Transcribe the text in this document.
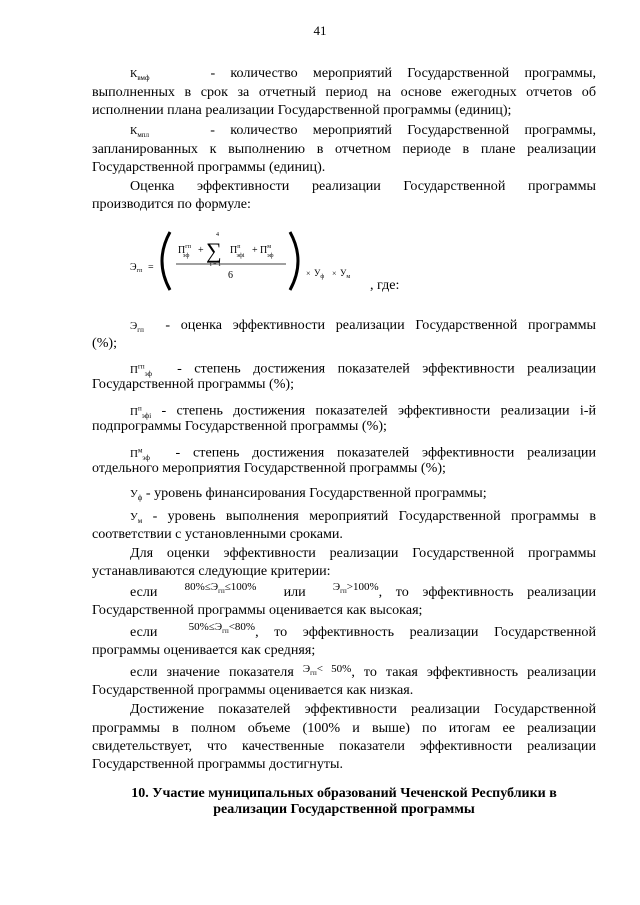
41
$К_{вмф}$	- количество мероприятий Государственной программы,
выполненных в срок за отчетный период на основе ежегодных отчетов об
исполнении плана реализации Государственной программы (единиц);
$К_{мпл}$	- количество мероприятий Государственной программы,
запланированных к выполнению в отчетном периоде в плане реализации
Государственной программы (единиц).
Оценка эффективности реализации Государственной программы
производится по формуле:
$Э_{гп}$ =
$П^{гп}$ эф +
4
∑
i = 1
$П^п$ эфi + $П^м$ эф
6	× $У_ф \times У_м$ , где:
$Э_{гп}$ - оценка эффективности реализации Государственной программы
(%);
$П^{гп}_{эф}$ - степень достижения показателей эффективности реализации
Государственной программы (%);
$П^п_{эфi}$ - степень достижения показателей эффективности реализации i-й
подпрограммы Государственной программы (%);
$П^м_{эф}$ - степень достижения показателей эффективности реализации
отдельного мероприятия Государственной программы (%);
$У_ф$ - уровень финансирования Государственной программы;
$У_м$ - уровень выполнения мероприятий Государственной программы в
соответствии с установленными сроками.
Для оценки эффективности реализации Государственной программы
устанавливаются следующие критерии:
если $^{80\%\le Э_{гп}\le 100\%}$ или $^{Э_{гп}>100\%}$, то эффективность реализации
Государственной программы оценивается как высокая;
если	$^{50\%\le Э_{гп}<80\%}$, то эффективность реализации Государственной
программы оценивается как средняя;
если значение показателя $^{Э_{гп}< 50\%}$, то такая эффективность реализации
Государственной программы оценивается как низкая.
Достижение показателей эффективности реализации Государственной
программы в полном объеме (100% и выше) по итогам ее реализации
свидетельствует, что качественные показатели эффективности реализации
Государственной программы достигнуты.
10. Участие муниципальных образований Чеченской Республики в
реализации Государственной программы
